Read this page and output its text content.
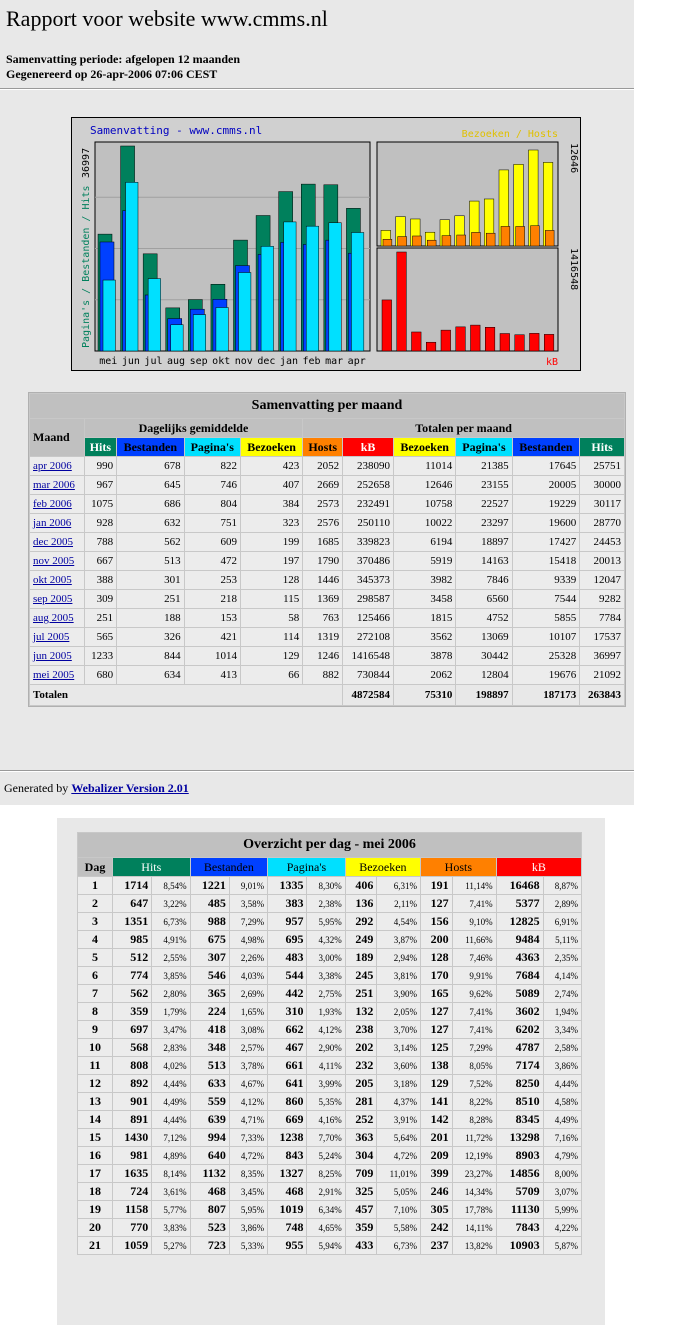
Rapport voor website www.cmms.nl
Samenvatting periode: afgelopen 12 maanden
Gegenereerd op 26-apr-2006 07:06 CEST
Samenvatting - www.cmms.nl
36997
Pagina's / Bestanden / Hits
12646
1416548
Bezoeken / Hosts
kB
mei jun jul aug sep okt nov dec jan feb mar apr
Samenvatting per maand										
Maand	Dagelijks gemiddelde				Totalen per maand					
	Hits	Bestanden	Pagina's	Bezoeken	Hosts	kB	Bezoeken	Pagina's	Bestanden	Hits
apr 2006	990	678	822	423	2052	238090	11014	21385	17645	25751
mar 2006	967	645	746	407	2669	252658	12646	23155	20005	30000
feb 2006	1075	686	804	384	2573	232491	10758	22527	19229	30117
jan 2006	928	632	751	323	2576	250110	10022	23297	19600	28770
dec 2005	788	562	609	199	1685	339823	6194	18897	17427	24453
nov 2005	667	513	472	197	1790	370486	5919	14163	15418	20013
okt 2005	388	301	253	128	1446	345373	3982	7846	9339	12047
sep 2005	309	251	218	115	1369	298587	3458	6560	7544	9282
aug 2005	251	188	153	58	763	125466	1815	4752	5855	7784
jul 2005	565	326	421	114	1319	272108	3562	13069	10107	17537
jun 2005	1233	844	1014	129	1246	1416548	3878	30442	25328	36997
mei 2005	680	634	413	66	882	730844	2062	12804	19676	21092
Totalen						4872584	75310	198897	187173	263843
Generated by Webalizer Version 2.01
Overzicht per dag - mei 2006												
Dag	Hits		Bestanden		Pagina's		Bezoeken		Hosts		kB	
1	1714	8,54%	1221	9,01%	1335	8,30%	406	6,31%	191	11,14%	16468	8,87%
2	647	3,22%	485	3,58%	383	2,38%	136	2,11%	127	7,41%	5377	2,89%
3	1351	6,73%	988	7,29%	957	5,95%	292	4,54%	156	9,10%	12825	6,91%
4	985	4,91%	675	4,98%	695	4,32%	249	3,87%	200	11,66%	9484	5,11%
5	512	2,55%	307	2,26%	483	3,00%	189	2,94%	128	7,46%	4363	2,35%
6	774	3,85%	546	4,03%	544	3,38%	245	3,81%	170	9,91%	7684	4,14%
7	562	2,80%	365	2,69%	442	2,75%	251	3,90%	165	9,62%	5089	2,74%
8	359	1,79%	224	1,65%	310	1,93%	132	2,05%	127	7,41%	3602	1,94%
9	697	3,47%	418	3,08%	662	4,12%	238	3,70%	127	7,41%	6202	3,34%
10	568	2,83%	348	2,57%	467	2,90%	202	3,14%	125	7,29%	4787	2,58%
11	808	4,02%	513	3,78%	661	4,11%	232	3,60%	138	8,05%	7174	3,86%
12	892	4,44%	633	4,67%	641	3,99%	205	3,18%	129	7,52%	8250	4,44%
13	901	4,49%	559	4,12%	860	5,35%	281	4,37%	141	8,22%	8510	4,58%
14	891	4,44%	639	4,71%	669	4,16%	252	3,91%	142	8,28%	8345	4,49%
15	1430	7,12%	994	7,33%	1238	7,70%	363	5,64%	201	11,72%	13298	7,16%
16	981	4,89%	640	4,72%	843	5,24%	304	4,72%	209	12,19%	8903	4,79%
17	1635	8,14%	1132	8,35%	1327	8,25%	709	11,01%	399	23,27%	14856	8,00%
18	724	3,61%	468	3,45%	468	2,91%	325	5,05%	246	14,34%	5709	3,07%
19	1158	5,77%	807	5,95%	1019	6,34%	457	7,10%	305	17,78%	11130	5,99%
20	770	3,83%	523	3,86%	748	4,65%	359	5,58%	242	14,11%	7843	4,22%
21	1059	5,27%	723	5,33%	955	5,94%	433	6,73%	237	13,82%	10903	5,87%
